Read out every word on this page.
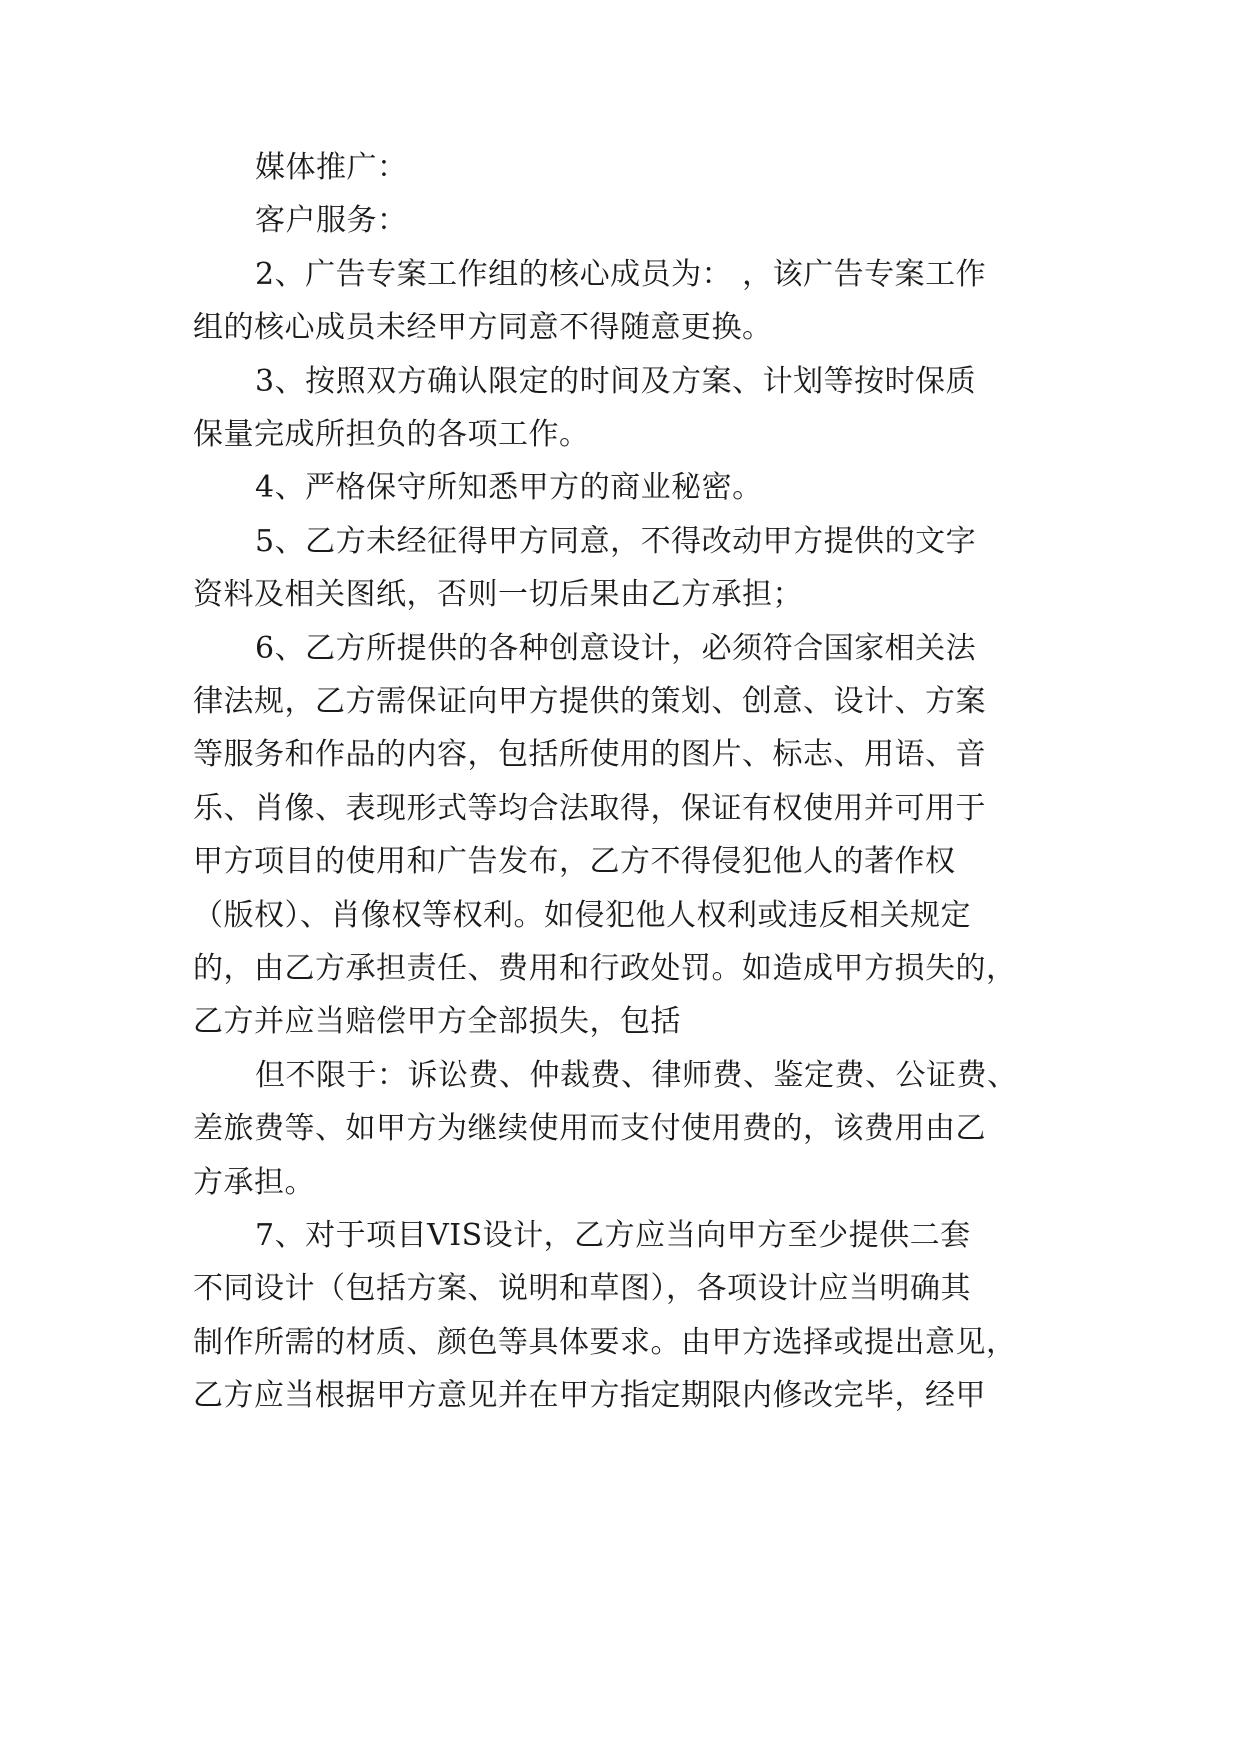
媒体推广：
客户服务：
2、广告专案工作组的核心成员为： ，该广告专案工作
组的核心成员未经甲方同意不得随意更换。
3、按照双方确认限定的时间及方案、计划等按时保质
保量完成所担负的各项工作。
4、严格保守所知悉甲方的商业秘密。
5、乙方未经征得甲方同意，不得改动甲方提供的文字
资料及相关图纸，否则一切后果由乙方承担；
6、乙方所提供的各种创意设计，必须符合国家相关法
律法规，乙方需保证向甲方提供的策划、创意、设计、方案
等服务和作品的内容，包括所使用的图片、标志、用语、音
乐、肖像、表现形式等均合法取得，保证有权使用并可用于
甲方项目的使用和广告发布，乙方不得侵犯他人的著作权
（版权）、肖像权等权利。如侵犯他人权利或违反相关规定
的，由乙方承担责任、费用和行政处罚。如造成甲方损失的，
乙方并应当赔偿甲方全部损失，包括
但不限于：诉讼费、仲裁费、律师费、鉴定费、公证费、
差旅费等、如甲方为继续使用而支付使用费的，该费用由乙
方承担。
7、对于项目VIS设计，乙方应当向甲方至少提供二套
不同设计（包括方案、说明和草图），各项设计应当明确其
制作所需的材质、颜色等具体要求。由甲方选择或提出意见，
乙方应当根据甲方意见并在甲方指定期限内修改完毕，经甲
